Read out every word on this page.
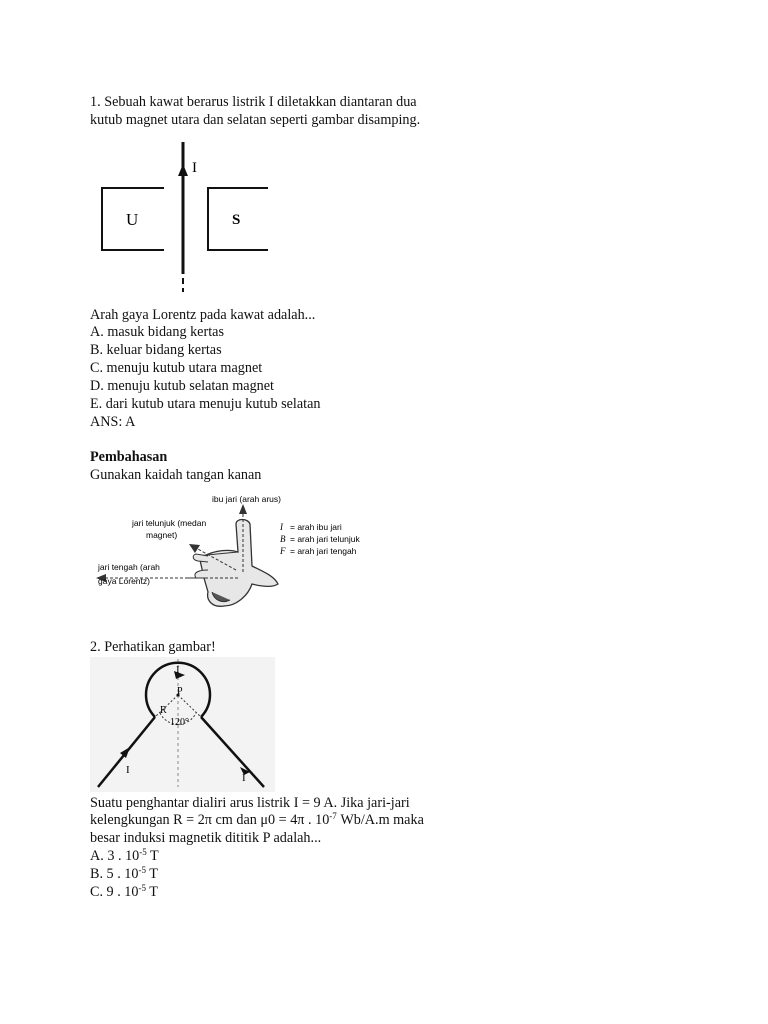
1. Sebuah kawat berarus listrik I diletakkan diantaran dua
kutub magnet utara dan selatan seperti gambar disamping.
I
U	S
Arah gaya Lorentz pada kawat adalah...
A. masuk bidang kertas
B. keluar bidang kertas
C. menuju kutub utara magnet
D. menuju kutub selatan magnet
E. dari kutub utara menuju kutub selatan
ANS: A
Pembahasan
Gunakan kaidah tangan kanan
ibu jari (arah arus)
jari telunjuk (medan
magnet)
jari tengah (arah
gaya Lorentz)
I = arah ibu jari
B = arah jari telunjuk
F = arah jari tengah
2. Perhatikan gambar!
I
P
R
120°
I
I
Suatu penghantar dialiri arus listrik I = 9 A. Jika jari-jari
kelengkungan R = 2π cm dan μ0 = 4π . $10^{-7}$ Wb/A.m maka
besar induksi magnetik dititik P adalah...
A. 3 . $10^{-5}$ T
B. 5 . $10^{-5}$ T
C. 9 . $10^{-5}$ T
